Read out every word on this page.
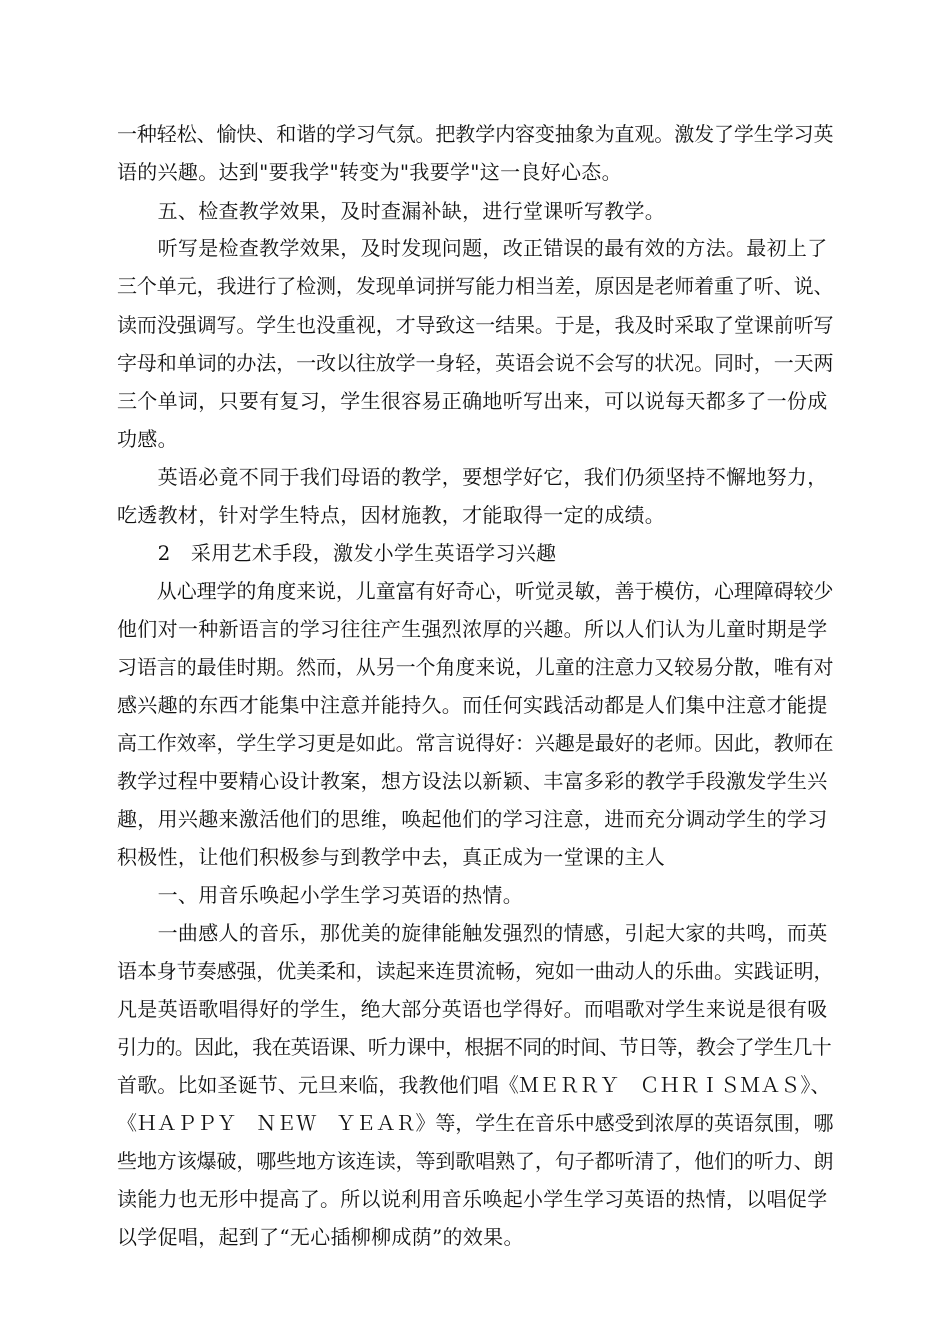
一种轻松、愉快、和谐的学习气氛。把教学内容变抽象为直观。激发了学生学习英
语的兴趣。达到"要我学"转变为"我要学"这一良好心态。
　　五、检查教学效果，及时查漏补缺，进行堂课听写教学。
　　听写是检查教学效果，及时发现问题，改正错误的最有效的方法。最初上了
三个单元，我进行了检测，发现单词拼写能力相当差，原因是老师着重了听、说、
读而没强调写。学生也没重视，才导致这一结果。于是，我及时采取了堂课前听写
字母和单词的办法，一改以往放学一身轻，英语会说不会写的状况。同时，一天两
三个单词，只要有复习，学生很容易正确地听写出来，可以说每天都多了一份成
功感。
　　英语必竟不同于我们母语的教学，要想学好它，我们仍须坚持不懈地努力，
吃透教材，针对学生特点，因材施教，才能取得一定的成绩。
　　2　采用艺术手段，激发小学生英语学习兴趣
　　从心理学的角度来说，儿童富有好奇心，听觉灵敏，善于模仿，心理障碍较少
他们对一种新语言的学习往往产生强烈浓厚的兴趣。所以人们认为儿童时期是学
习语言的最佳时期。然而，从另一个角度来说，儿童的注意力又较易分散，唯有对
感兴趣的东西才能集中注意并能持久。而任何实践活动都是人们集中注意才能提
高工作效率，学生学习更是如此。常言说得好：兴趣是最好的老师。因此，教师在
教学过程中要精心设计教案，想方设法以新颖、丰富多彩的教学手段激发学生兴
趣，用兴趣来激活他们的思维，唤起他们的学习注意，进而充分调动学生的学习
积极性，让他们积极参与到教学中去，真正成为一堂课的主人
　　一、用音乐唤起小学生学习英语的热情。
　　一曲感人的音乐，那优美的旋律能触发强烈的情感，引起大家的共鸣，而英
语本身节奏感强，优美柔和，读起来连贯流畅，宛如一曲动人的乐曲。实践证明，
凡是英语歌唱得好的学生，绝大部分英语也学得好。而唱歌对学生来说是很有吸
引力的。因此，我在英语课、听力课中，根据不同的时间、节日等，教会了学生几十
首歌。比如圣诞节、元旦来临，我教他们唱《ＭＥＲＲＹ　ＣＨＲＩＳＭＡＳ》、
《ＨＡＰＰＹ　ＮＥＷ　ＹＥＡＲ》等，学生在音乐中感受到浓厚的英语氛围，哪
些地方该爆破，哪些地方该连读，等到歌唱熟了，句子都听清了，他们的听力、朗
读能力也无形中提高了。所以说利用音乐唤起小学生学习英语的热情，以唱促学
以学促唱，起到了“无心插柳柳成荫”的效果。
